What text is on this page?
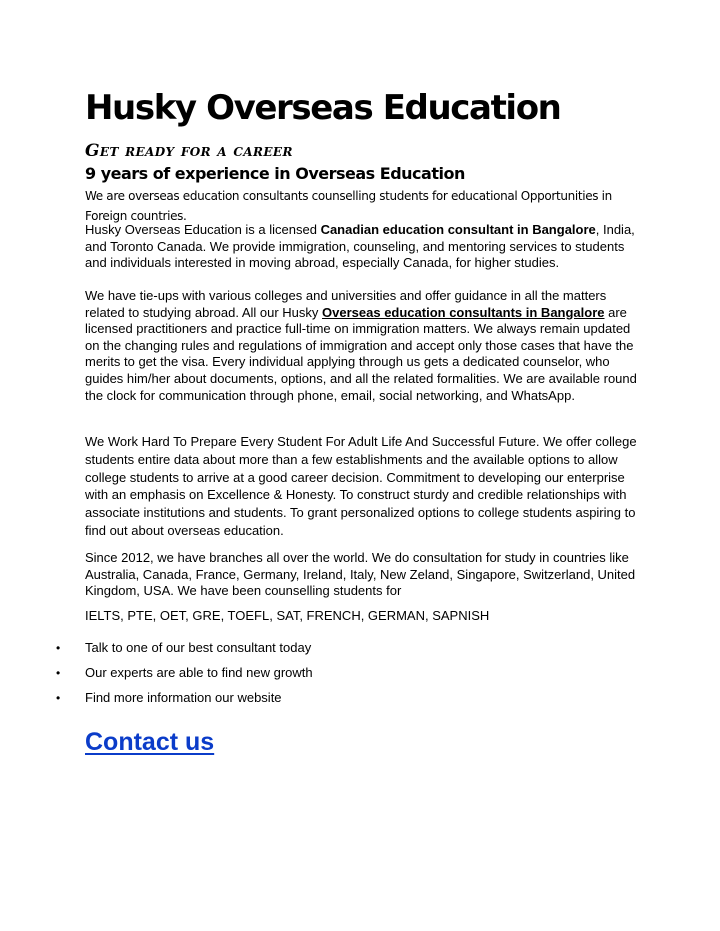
Husky Overseas Education
Get ready for a career
9 years of experience in Overseas Education

We are overseas education consultants counselling students for educational Opportunities in Foreign countries.

Husky Overseas Education is a licensed Canadian education consultant in Bangalore, India, and Toronto Canada. We provide immigration, counseling, and mentoring services to students and individuals interested in moving abroad, especially Canada, for higher studies.

We have tie-ups with various colleges and universities and offer guidance in all the matters related to studying abroad. All our Husky Overseas education consultants in Bangalore are licensed practitioners and practice full-time on immigration matters. We always remain updated on the changing rules and regulations of immigration and accept only those cases that have the merits to get the visa. Every individual applying through us gets a dedicated counselor, who guides him/her about documents, options, and all the related formalities. We are available round the clock for communication through phone, email, social networking, and WhatsApp.

We Work Hard To Prepare Every Student For Adult Life And Successful Future. We offer college students entire data about more than a few establishments and the available options to allow college students to arrive at a good career decision. Commitment to developing our enterprise with an emphasis on Excellence & Honesty. To construct sturdy and credible relationships with associate institutions and students. To grant personalized options to college students aspiring to find out about overseas education.

Since 2012, we have branches all over the world. We do consultation for study in countries like Australia, Canada, France, Germany, Ireland, Italy, New Zeland, Singapore, Switzerland, United Kingdom, USA. We have been counselling students for

IELTS, PTE, OET, GRE, TOEFL, SAT, FRENCH, GERMAN, SAPNISH

•	Talk to one of our best consultant today
•	Our experts are able to find new growth
•	Find more information our website
Contact us
